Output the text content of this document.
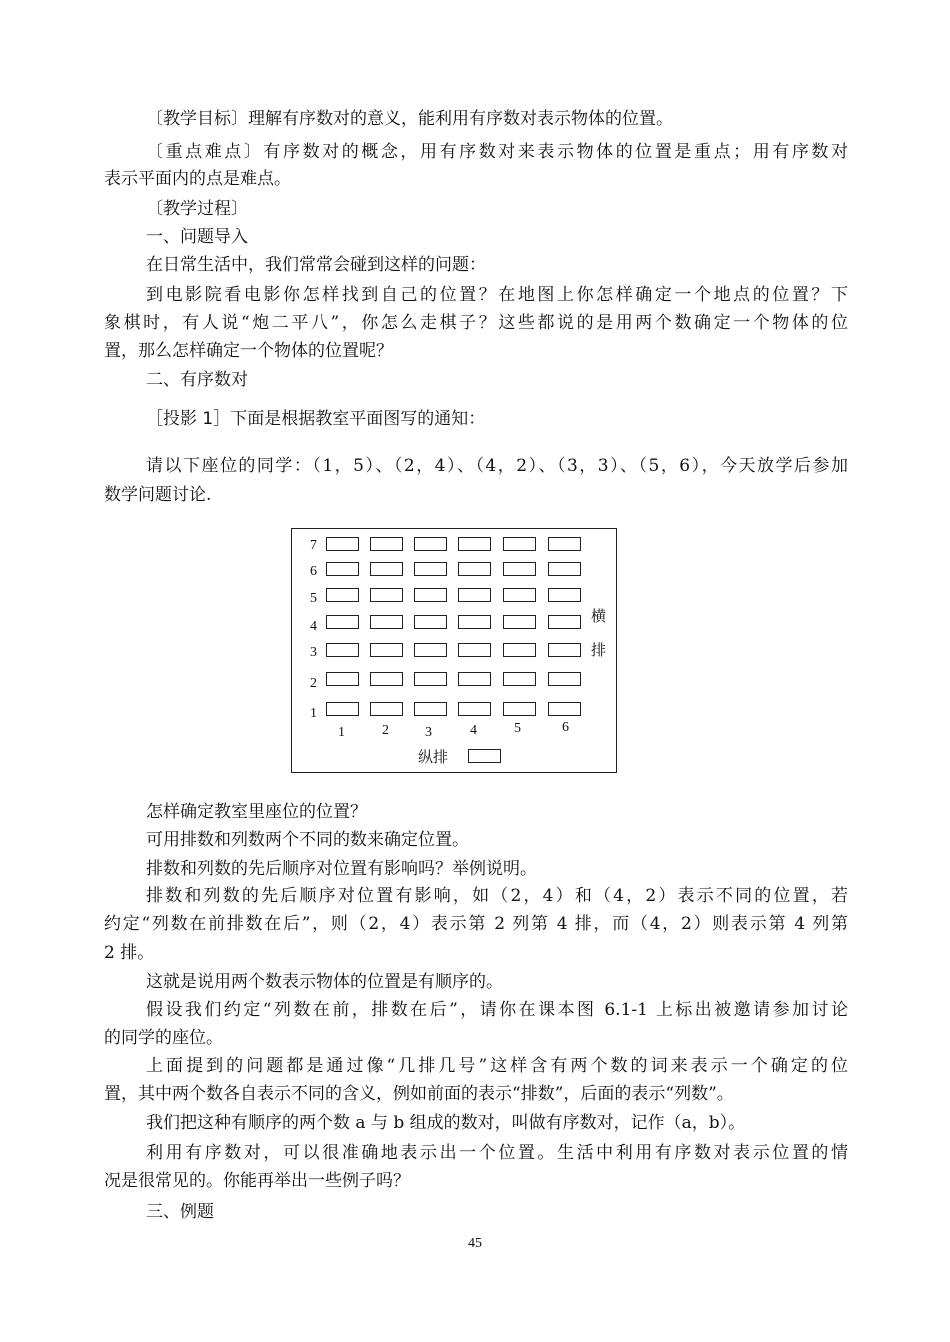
〔教学目标〕理解有序数对的意义，能利用有序数对表示物体的位置。
〔重点难点〕有序数对的概念，用有序数对来表示物体的位置是重点；用有序数对
表示平面内的点是难点。
〔教学过程〕
一、问题导入
在日常生活中，我们常常会碰到这样的问题：
到电影院看电影你怎样找到自己的位置？在地图上你怎样确定一个地点的位置？下
象棋时，有人说“炮二平八”，你怎么走棋子？这些都说的是用两个数确定一个物体的位
置，那么怎样确定一个物体的位置呢？
二、有序数对
［投影 1］下面是根据教室平面图写的通知：
请以下座位的同学：（1，5）、（2，4）、（4，2）、（3，3）、（5，6），今天放学后参加
数学问题讨论.
7
6
5
4
3
2
1
1	2	3	4	5	6
横
排
纵排
怎样确定教室里座位的位置？
可用排数和列数两个不同的数来确定位置。
排数和列数的先后顺序对位置有影响吗？举例说明。
排数和列数的先后顺序对位置有影响，如（2，4）和（4，2）表示不同的位置，若
约定“列数在前排数在后”，则（2，4）表示第 2 列第 4 排，而（4，2）则表示第 4 列第
2 排。
这就是说用两个数表示物体的位置是有顺序的。
假设我们约定“列数在前，排数在后”，请你在课本图 6.1-1 上标出被邀请参加讨论
的同学的座位。
上面提到的问题都是通过像“几排几号”这样含有两个数的词来表示一个确定的位
置，其中两个数各自表示不同的含义，例如前面的表示“排数”，后面的表示“列数”。
我们把这种有顺序的两个数 a 与 b 组成的数对，叫做有序数对，记作（a，b）。
利用有序数对，可以很准确地表示出一个位置。生活中利用有序数对表示位置的情
况是很常见的。你能再举出一些例子吗？
三、例题
45
